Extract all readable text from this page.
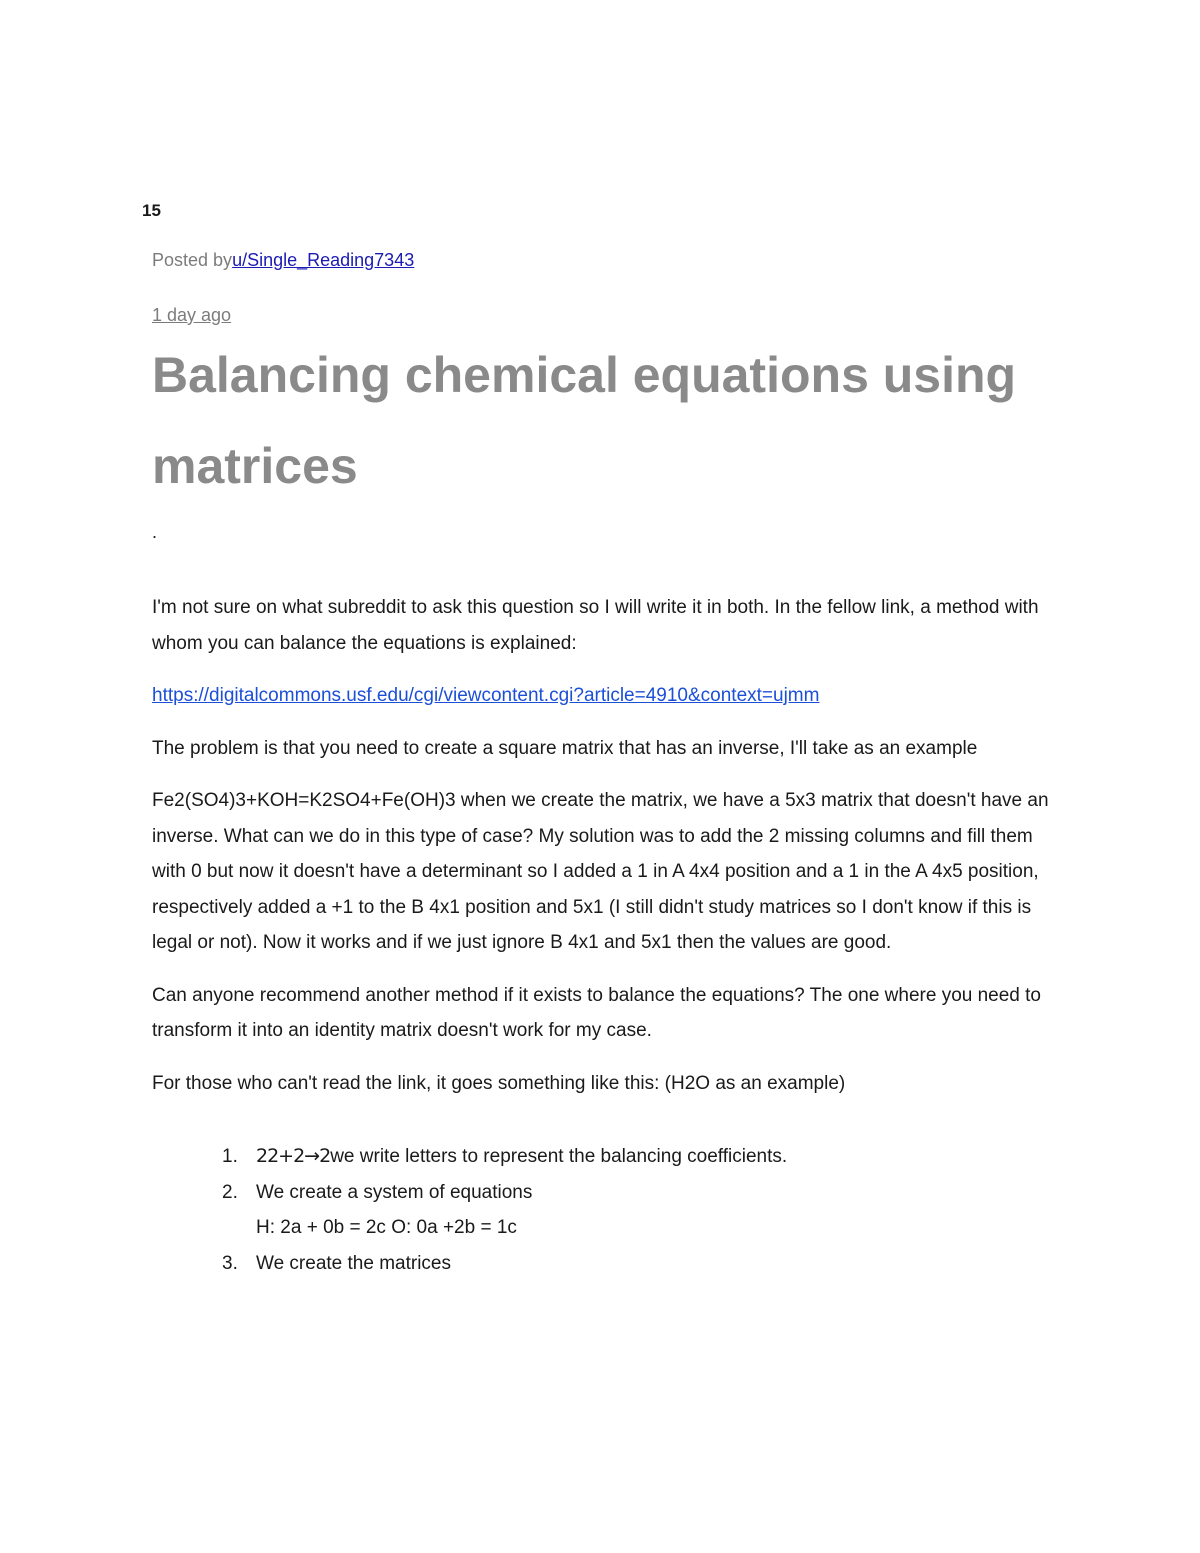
15
Posted byu/Single_Reading7343
1 day ago
Balancing chemical equations using matrices
.

I'm not sure on what subreddit to ask this question so I will write it in both. In the fellow link, a method with whom you can balance the equations is explained:

https://digitalcommons.usf.edu/cgi/viewcontent.cgi?article=4910&context=ujmm

The problem is that you need to create a square matrix that has an inverse, I'll take as an example

Fe2(SO4)3+KOH=K2SO4+Fe(OH)3 when we create the matrix, we have a 5x3 matrix that doesn't have an inverse. What can we do in this type of case? My solution was to add the 2 missing columns and fill them with 0 but now it doesn't have a determinant so I added a 1 in A 4x4 position and a 1 in the A 4x5 position, respectively added a +1 to the B 4x1 position and 5x1 (I still didn't study matrices so I don't know if this is legal or not). Now it works and if we just ignore B 4x1 and 5x1 then the values are good.

Can anyone recommend another method if it exists to balance the equations? The one where you need to transform it into an identity matrix doesn't work for my case.

For those who can't read the link, it goes something like this: (H2O as an example)

1. 22+2→2we write letters to represent the balancing coefficients.
2. We create a system of equations
H: 2a + 0b = 2c O: 0a +2b = 1c
3. We create the matrices
